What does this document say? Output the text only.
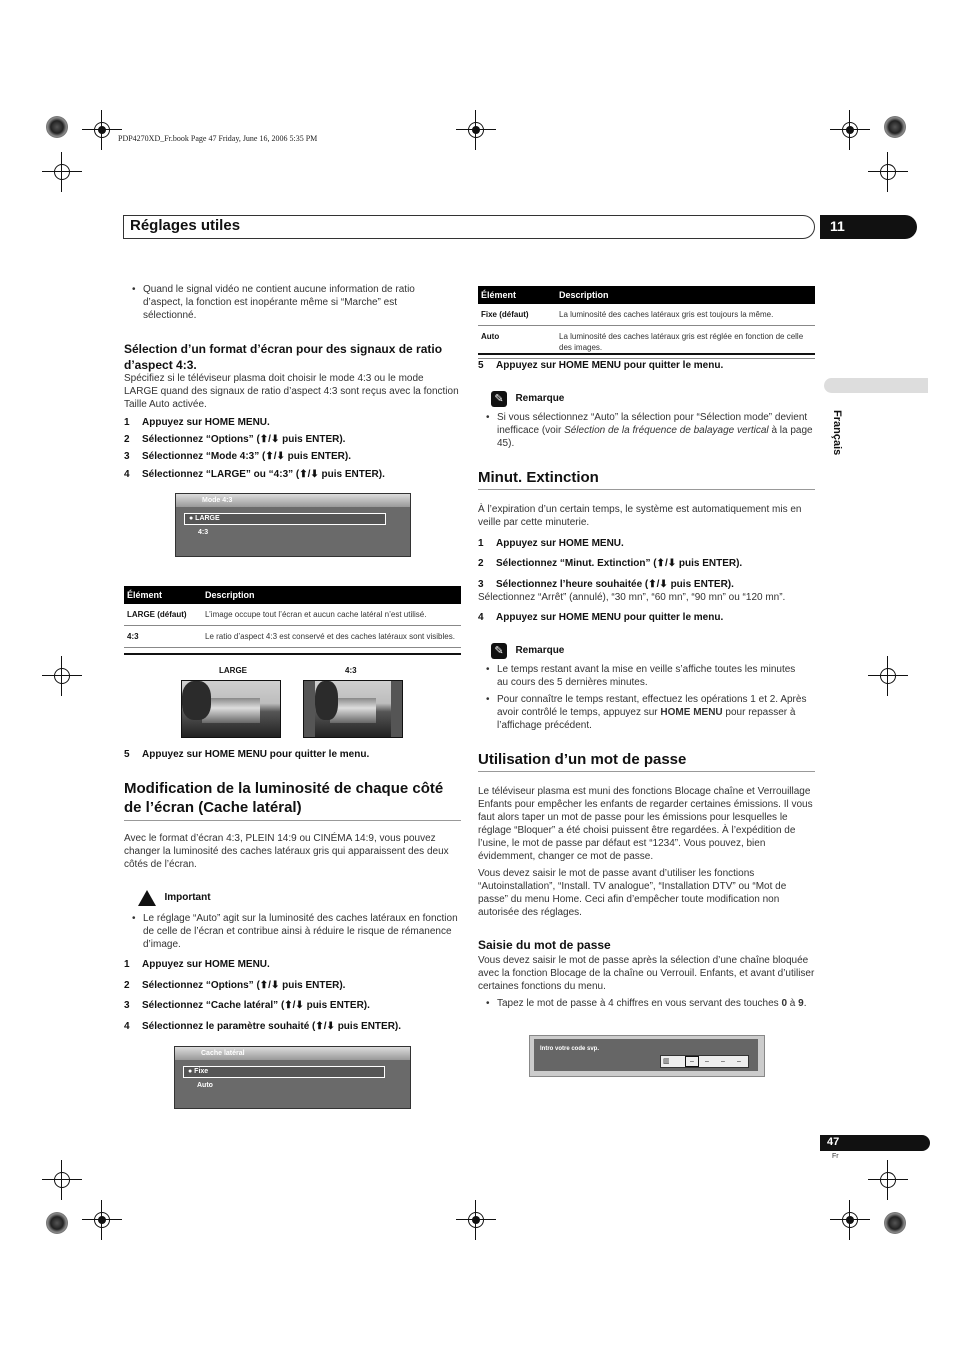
PDP4270XD_Fr.book Page 47 Friday, June 16, 2006 5:35 PM
Réglages utiles	11
Français
• Quand le signal vidéo ne contient aucune information de ratio d’aspect, la fonction est inopérante même si “Marche” est sélectionné.
Sélection d’un format d’écran pour des signaux de ratio d’aspect 4:3.
Spécifiez si le téléviseur plasma doit choisir le mode 4:3 ou le mode LARGE quand des signaux de ratio d’aspect 4:3 sont reçus avec la fonction Taille Auto activée.
1 Appuyez sur HOME MENU.
2 Sélectionnez “Options” (⬆/⬇ puis ENTER).
3 Sélectionnez “Mode 4:3” (⬆/⬇ puis ENTER).
4 Sélectionnez “LARGE” ou “4:3” (⬆/⬇ puis ENTER).
Mode 4:3
● LARGE
4:3
Élément	Description
LARGE (défaut)	L’image occupe tout l’écran et aucun cache latéral n’est utilisé.
4:3	Le ratio d’aspect 4:3 est conservé et des caches latéraux sont visibles.
LARGE	4:3
5 Appuyez sur HOME MENU pour quitter le menu.
Modification de la luminosité de chaque côté de l’écran (Cache latéral)
Avec le format d’écran 4:3, PLEIN 14:9 ou CINÉMA 14:9, vous pouvez changer la luminosité des caches latéraux gris qui apparaissent des deux côtés de l’écran.
Important
• Le réglage “Auto” agit sur la luminosité des caches latéraux en fonction de celle de l’écran et contribue ainsi à réduire le risque de rémanence d’image.
1 Appuyez sur HOME MENU.
2 Sélectionnez “Options” (⬆/⬇ puis ENTER).
3 Sélectionnez “Cache latéral” (⬆/⬇ puis ENTER).
4 Sélectionnez le paramètre souhaité (⬆/⬇ puis ENTER).
Cache latéral
● Fixe
Auto
Élément	Description
Fixe (défaut)	La luminosité des caches latéraux gris est toujours la même.
Auto	La luminosité des caches latéraux gris est réglée en fonction de celle des images.
5 Appuyez sur HOME MENU pour quitter le menu.
✎ Remarque
• Si vous sélectionnez “Auto” la sélection pour “Sélection mode” devient inefficace (voir Sélection de la fréquence de balayage vertical à la page 45).
Minut. Extinction
À l’expiration d’un certain temps, le système est automatiquement mis en veille par cette minuterie.
1 Appuyez sur HOME MENU.
2 Sélectionnez “Minut. Extinction” (⬆/⬇ puis ENTER).
3 Sélectionnez l’heure souhaitée (⬆/⬇ puis ENTER).
Sélectionnez “Arrêt” (annulé), “30 mn”, “60 mn”, “90 mn” ou “120 mn”.
4 Appuyez sur HOME MENU pour quitter le menu.
✎ Remarque
• Le temps restant avant la mise en veille s’affiche toutes les minutes au cours des 5 dernières minutes.
• Pour connaître le temps restant, effectuez les opérations 1 et 2. Après avoir contrôlé le temps, appuyez sur HOME MENU pour repasser à l’affichage précédent.
Utilisation d’un mot de passe
Le téléviseur plasma est muni des fonctions Blocage chaîne et Verrouillage Enfants pour empêcher les enfants de regarder certaines émissions. Il vous faut alors taper un mot de passe pour les émissions pour lesquelles le réglage “Bloquer” a été choisi puissent être regardées. À l’expédition de l’usine, le mot de passe par défaut est “1234”. Vous pouvez, bien évidemment, changer ce mot de passe.
Vous devez saisir le mot de passe avant d’utiliser les fonctions “Autoinstallation”, “Install. TV analogue”, “Installation DTV” ou “Mot de passe” du menu Home. Ceci afin d’empêcher toute modification non autorisée des réglages.
Saisie du mot de passe
Vous devez saisir le mot de passe après la sélection d’une chaîne bloquée avec la fonction Blocage de la chaîne ou Verrouil. Enfants, et avant d’utiliser certaines fonctions du menu.
• Tapez le mot de passe à 4 chiffres en vous servant des touches 0 à 9.
Intro votre code svp.
▥	–	–	–	–
47
Fr
